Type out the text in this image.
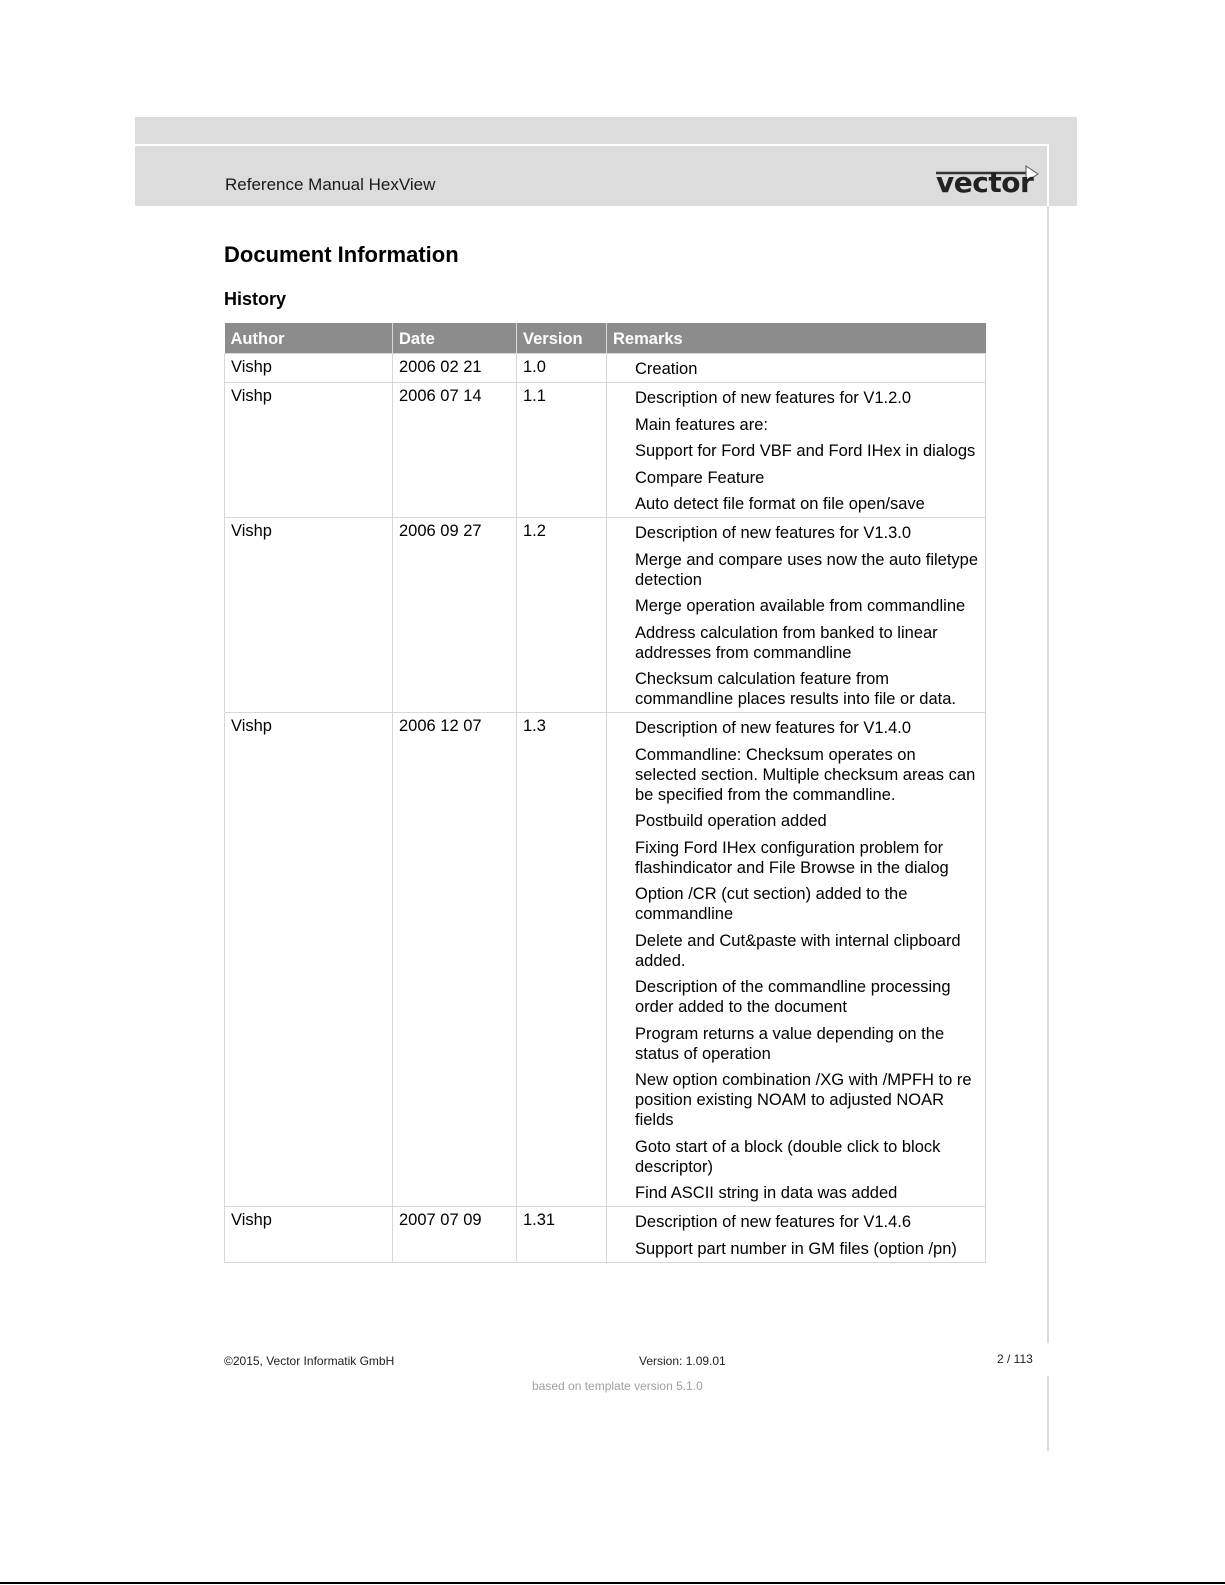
Reference Manual HexView	vector
Document Information
History
Author	Date	Version	Remarks
Vishp	2006 02 21	1.0	Creation

Vishp	2006 07 14	1.1	Description of new features for V1.2.0
Main features are:
Support for Ford VBF and Ford IHex in dialogs
Compare Feature
Auto detect file format on file open/save

Vishp	2006 09 27	1.2	Description of new features for V1.3.0
Merge and compare uses now the auto filetype detection
Merge operation available from commandline
Address calculation from banked to linear addresses from commandline
Checksum calculation feature from commandline places results into file or data.

Vishp	2006 12 07	1.3	Description of new features for V1.4.0
Commandline: Checksum operates on selected section. Multiple checksum areas can be specified from the commandline.
Postbuild operation added
Fixing Ford IHex configuration problem for flashindicator and File Browse in the dialog
Option /CR (cut section) added to the commandline
Delete and Cut&paste with internal clipboard added.
Description of the commandline processing order added to the document
Program returns a value depending on the status of operation
New option combination /XG with /MPFH to re position existing NOAM to adjusted NOAR fields
Goto start of a block (double click to block descriptor)
Find ASCII string in data was added

Vishp	2007 07 09	1.31	Description of new features for V1.4.6
Support part number in GM files (option /pn)
©2015, Vector Informatik GmbH	Version: 1.09.01	2 / 113
based on template version 5.1.0
